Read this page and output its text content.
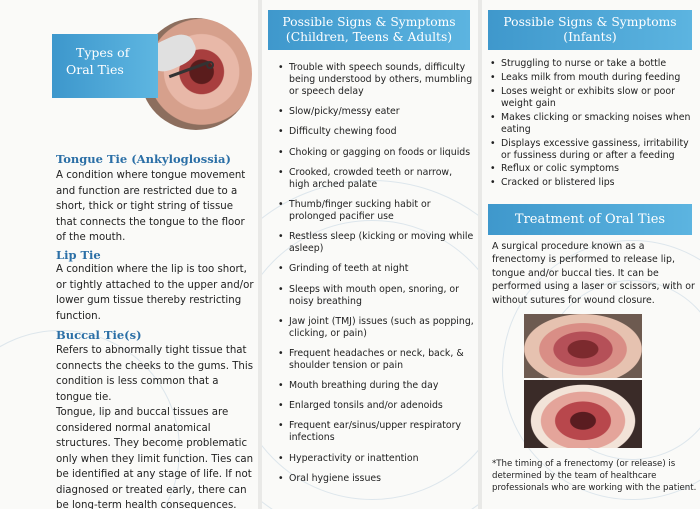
Types of
Oral Ties
Tongue Tie (Ankyloglossia)
A condition where tongue movement and function are restricted due to a short, thick or tight string of tissue that connects the tongue to the floor of the mouth.
Lip Tie
A condition where the lip is too short, or tightly attached to the upper and/or lower gum tissue thereby restricting function.
Buccal Tie(s)
Refers to abnormally tight tissue that connects the cheeks to the gums. This condition is less common that a tongue tie.
Tongue, lip and buccal tissues are considered normal anatomical structures. They become problematic only when they limit function. Ties can be identified at any stage of life. If not diagnosed or treated early, there can be long-term health consequences.
Possible Signs & Symptoms
(Children, Teens & Adults)
• Trouble with speech sounds, difficulty being understood by others, mumbling or speech delay
• Slow/picky/messy eater
• Difficulty chewing food
• Choking or gagging on foods or liquids
• Crooked, crowded teeth or narrow, high arched palate
• Thumb/finger sucking habit or prolonged pacifier use
• Restless sleep (kicking or moving while asleep)
• Grinding of teeth at night
• Sleeps with mouth open, snoring, or noisy breathing
• Jaw joint (TMJ) issues (such as popping, clicking, or pain)
• Frequent headaches or neck, back, & shoulder tension or pain
• Mouth breathing during the day
• Enlarged tonsils and/or adenoids
• Frequent ear/sinus/upper respiratory infections
• Hyperactivity or inattention
• Oral hygiene issues
Possible Signs & Symptoms
(Infants)
• Struggling to nurse or take a bottle
• Leaks milk from mouth during feeding
• Loses weight or exhibits slow or poor weight gain
• Makes clicking or smacking noises when eating
• Displays excessive gassiness, irritability or fussiness during or after a feeding
• Reflux or colic symptoms
• Cracked or blistered lips
Treatment of Oral Ties
A surgical procedure known as a frenectomy is performed to release lip, tongue and/or buccal ties. It can be performed using a laser or scissors, with or without sutures for wound closure.
*The timing of a frenectomy (or release) is determined by the team of healthcare professionals who are working with the patient.
